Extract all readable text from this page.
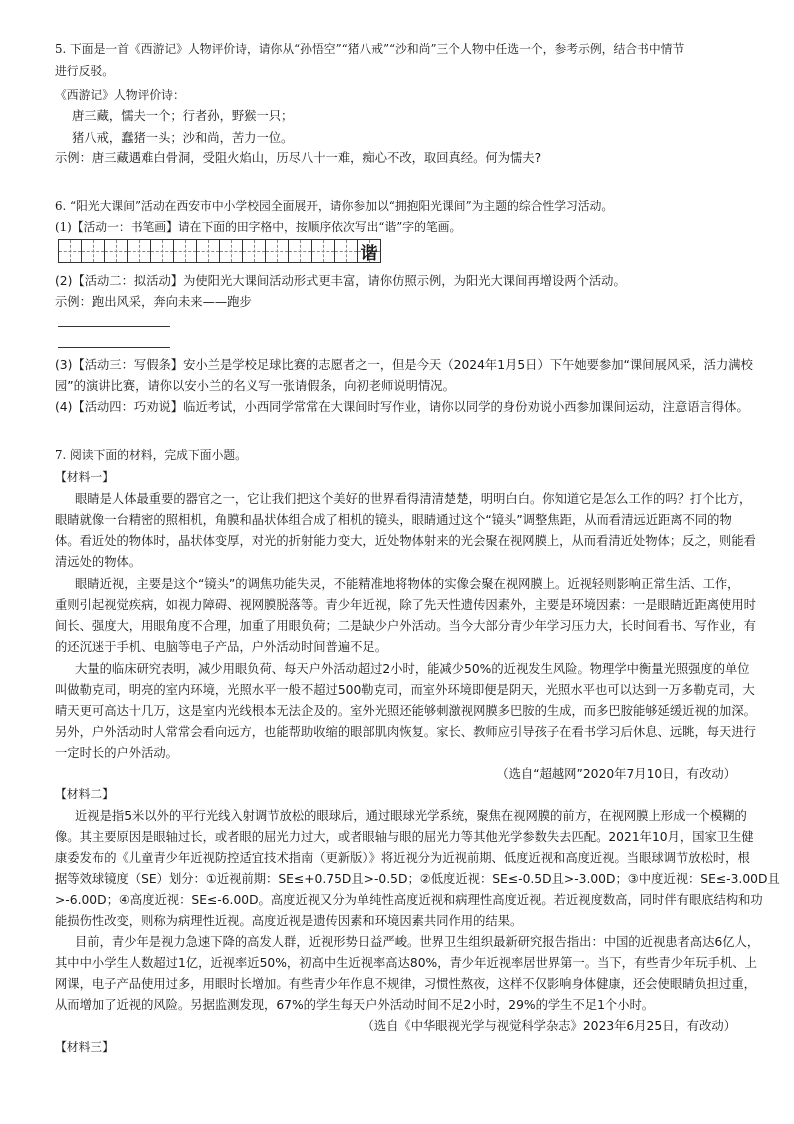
5. 下面是一首《西游记》人物评价诗，请你从“孙悟空”“猪八戒”“沙和尚”三个人物中任选一个，参考示例，结合书中情节
进行反驳。
《西游记》人物评价诗：
唐三藏，懦夫一个；行者孙，野猴一只；
猪八戒，蠢猪一头；沙和尚，苦力一位。
示例：唐三藏遇难白骨洞，受阻火焰山，历尽八十一难，痴心不改，取回真经。何为懦夫?
6. “阳光大课间”活动在西安市中小学校园全面展开，请你参加以“拥抱阳光课间”为主题的综合性学习活动。
(1)【活动一：书笔画】请在下面的田字格中，按顺序依次写出“谐”字的笔画。
谐
(2)【活动二：拟活动】为使阳光大课间活动形式更丰富，请你仿照示例，为阳光大课间再增设两个活动。
示例：跑出风采，奔向未来——跑步
(3)【活动三：写假条】安小兰是学校足球比赛的志愿者之一，但是今天（2024年1月5日）下午她要参加“课间展风采，活力满校
园”的演讲比赛，请你以安小兰的名义写一张请假条，向初老师说明情况。
(4)【活动四：巧劝说】临近考试，小西同学常常在大课间时写作业，请你以同学的身份劝说小西参加课间运动，注意语言得体。
7. 阅读下面的材料，完成下面小题。
【材料一】
眼睛是人体最重要的器官之一，它让我们把这个美好的世界看得清清楚楚，明明白白。你知道它是怎么工作的吗？打个比方，
眼睛就像一台精密的照相机，角膜和晶状体组合成了相机的镜头，眼睛通过这个“镜头”调整焦距，从而看清远近距离不同的物
体。看近处的物体时，晶状体变厚，对光的折射能力变大，近处物体射来的光会聚在视网膜上，从而看清近处物体；反之，则能看
清远处的物体。
眼睛近视，主要是这个“镜头”的调焦功能失灵，不能精准地将物体的实像会聚在视网膜上。近视轻则影响正常生活、工作，
重则引起视觉疾病，如视力障碍、视网膜脱落等。青少年近视，除了先天性遗传因素外，主要是环境因素：一是眼睛近距离使用时
间长、强度大，用眼角度不合理，加重了用眼负荷；二是缺少户外活动。当今大部分青少年学习压力大，长时间看书、写作业，有
的还沉迷于手机、电脑等电子产品，户外活动时间普遍不足。
大量的临床研究表明，减少用眼负荷、每天户外活动超过2小时，能减少50%的近视发生风险。物理学中衡量光照强度的单位
叫做勒克司，明亮的室内环境，光照水平一般不超过500勒克司，而室外环境即便是阴天，光照水平也可以达到一万多勒克司，大
晴天更可高达十几万，这是室内光线根本无法企及的。室外光照还能够刺激视网膜多巴胺的生成，而多巴胺能够延缓近视的加深。
另外，户外活动时人常常会看向远方，也能帮助收缩的眼部肌肉恢复。家长、教师应引导孩子在看书学习后休息、远眺，每天进行
一定时长的户外活动。
（选自“超越网”2020年7月10日，有改动）
【材料二】
近视是指5米以外的平行光线入射调节放松的眼球后，通过眼球光学系统，聚焦在视网膜的前方，在视网膜上形成一个模糊的
像。其主要原因是眼轴过长，或者眼的屈光力过大，或者眼轴与眼的屈光力等其他光学参数失去匹配。2021年10月，国家卫生健
康委发布的《儿童青少年近视防控适宜技术指南（更新版）》将近视分为近视前期、低度近视和高度近视。当眼球调节放松时，根
据等效球镜度（SE）划分：①近视前期：SE≤+0.75D且>-0.5D；②低度近视：SE≤-0.5D且>-3.00D；③中度近视：SE≤-3.00D且
>-6.00D；④高度近视：SE≤-6.00D。高度近视又分为单纯性高度近视和病理性高度近视。若近视度数高，同时伴有眼底结构和功
能损伤性改变，则称为病理性近视。高度近视是遗传因素和环境因素共同作用的结果。
目前，青少年是视力急速下降的高发人群，近视形势日益严峻。世界卫生组织最新研究报告指出：中国的近视患者高达6亿人，
其中中小学生人数超过1亿，近视率近50%，初高中生近视率高达80%，青少年近视率居世界第一。当下，有些青少年玩手机、上
网课，电子产品使用过多，用眼时长增加。有些青少年作息不规律，习惯性熬夜，这样不仅影响身体健康，还会使眼睛负担过重，
从而增加了近视的风险。另据监测发现，67%的学生每天户外活动时间不足2小时，29%的学生不足1个小时。
（选自《中华眼视光学与视觉科学杂志》2023年6月25日，有改动）
【材料三】
